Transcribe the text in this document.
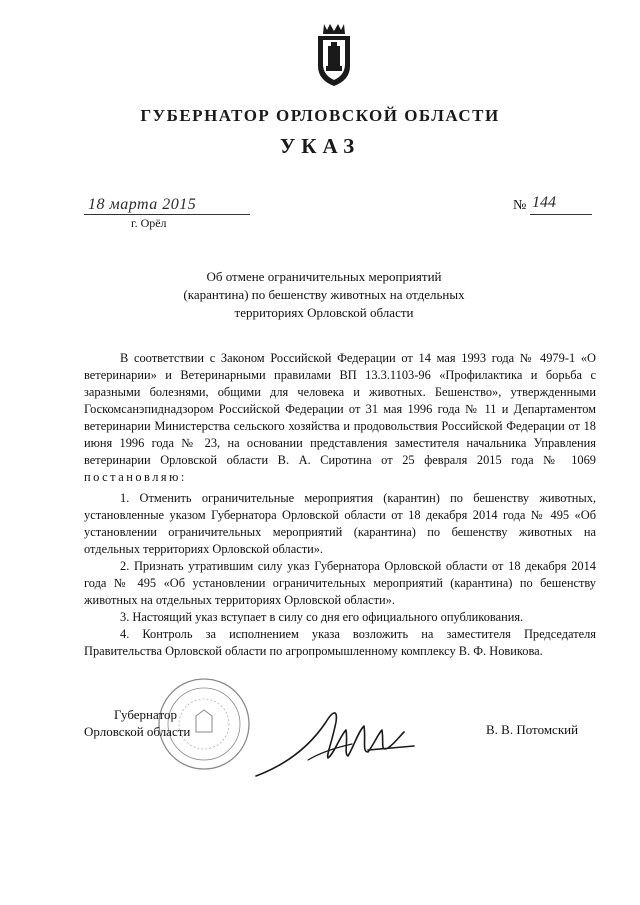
ГУБЕРНАТОР ОРЛОВСКОЙ ОБЛАСТИ
УКАЗ
18 марта 2015
г. Орёл
№ 144
Об отмене ограничительных мероприятий
(карантина) по бешенству животных на отдельных
территориях Орловской области

В соответствии с Законом Российской Федерации от 14 мая 1993 года № 4979-1 «О ветеринарии» и Ветеринарными правилами ВП 13.3.1103-96 «Профилактика и борьба с заразными болезнями, общими для человека и животных. Бешенство», утвержденными Госкомсанэпиднадзором Российской Федерации от 31 мая 1996 года № 11 и Департаментом ветеринарии Министерства сельского хозяйства и продовольствия Российской Федерации от 18 июня 1996 года № 23, на основании представления заместителя начальника Управления ветеринарии Орловской области В. А. Сиротина от 25 февраля 2015 года № 1069 постановляю:

1. Отменить ограничительные мероприятия (карантин) по бешенству животных, установленные указом Губернатора Орловской области от 18 декабря 2014 года № 495 «Об установлении ограничительных мероприятий (карантина) по бешенству животных на отдельных территориях Орловской области».

2. Признать утратившим силу указ Губернатора Орловской области от 18 декабря 2014 года № 495 «Об установлении ограничительных мероприятий (карантина) по бешенству животных на отдельных территориях Орловской области».

3. Настоящий указ вступает в силу со дня его официального опубликования.

4. Контроль за исполнением указа возложить на заместителя Председателя Правительства Орловской области по агропромышленному комплексу В. Ф. Новикова.

Губернатор
Орловской области	В. В. Потомский
